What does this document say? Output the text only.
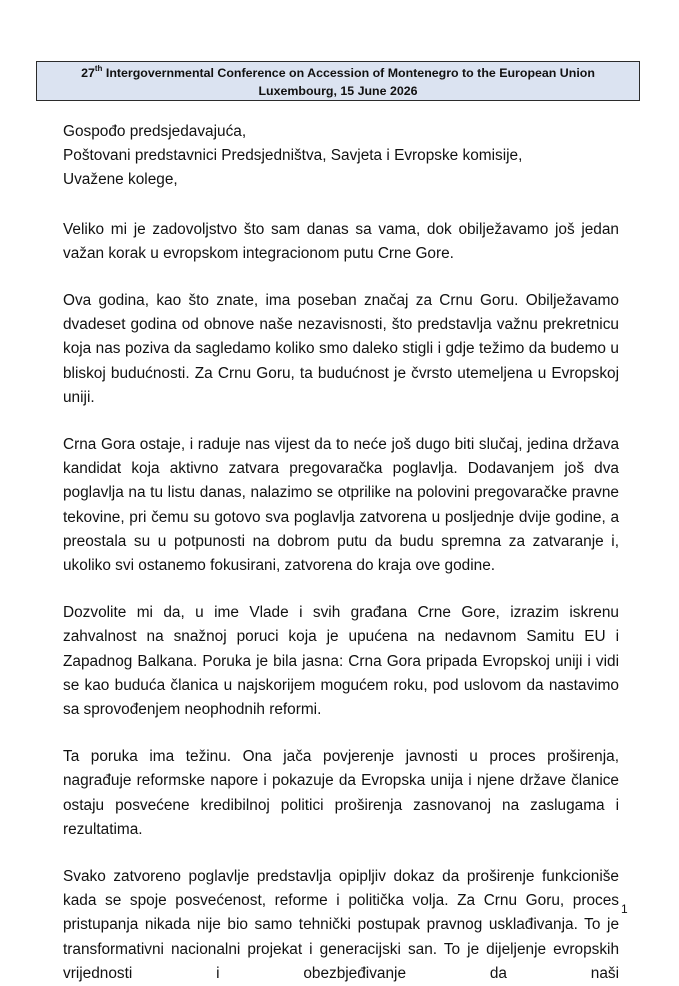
27th Intergovernmental Conference on Accession of Montenegro to the European Union
Luxembourg, 15 June 2026

Gospođo predsjedavajuća,

Poštovani predstavnici Predsjedništva, Savjeta i Evropske komisije,

Uvažene kolege,

Veliko mi je zadovoljstvo što sam danas sa vama, dok obilježavamo još jedan važan korak u evropskom integracionom putu Crne Gore.

Ova godina, kao što znate, ima poseban značaj za Crnu Goru. Obilježavamo dvadeset godina od obnove naše nezavisnosti, što predstavlja važnu prekretnicu koja nas poziva da sagledamo koliko smo daleko stigli i gdje težimo da budemo u bliskoj budućnosti. Za Crnu Goru, ta budućnost je čvrsto utemeljena u Evropskoj uniji.

Crna Gora ostaje, i raduje nas vijest da to neće još dugo biti slučaj, jedina država kandidat koja aktivno zatvara pregovaračka poglavlja. Dodavanjem još dva poglavlja na tu listu danas, nalazimo se otprilike na polovini pregovaračke pravne tekovine, pri čemu su gotovo sva poglavlja zatvorena u posljednje dvije godine, a preostala su u potpunosti na dobrom putu da budu spremna za zatvaranje i, ukoliko svi ostanemo fokusirani, zatvorena do kraja ove godine.

Dozvolite mi da, u ime Vlade i svih građana Crne Gore, izrazim iskrenu zahvalnost na snažnoj poruci koja je upućena na nedavnom Samitu EU i Zapadnog Balkana. Poruka je bila jasna: Crna Gora pripada Evropskoj uniji i vidi se kao buduća članica u najskorijem mogućem roku, pod uslovom da nastavimo sa sprovođenjem neophodnih reformi.

Ta poruka ima težinu. Ona jača povjerenje javnosti u proces proširenja, nagrađuje reformske napore i pokazuje da Evropska unija i njene države članice ostaju posvećene kredibilnoj politici proširenja zasnovanoj na zaslugama i rezultatima.

Svako zatvoreno poglavlje predstavlja opipljiv dokaz da proširenje funkcioniše kada se spoje posvećenost, reforme i politička volja. Za Crnu Goru, proces pristupanja nikada nije bio samo tehnički postupak pravnog usklađivanja. To je transformativni nacionalni projekat i generacijski san. To je dijeljenje evropskih vrijednosti i obezbjeđivanje da naši

1
